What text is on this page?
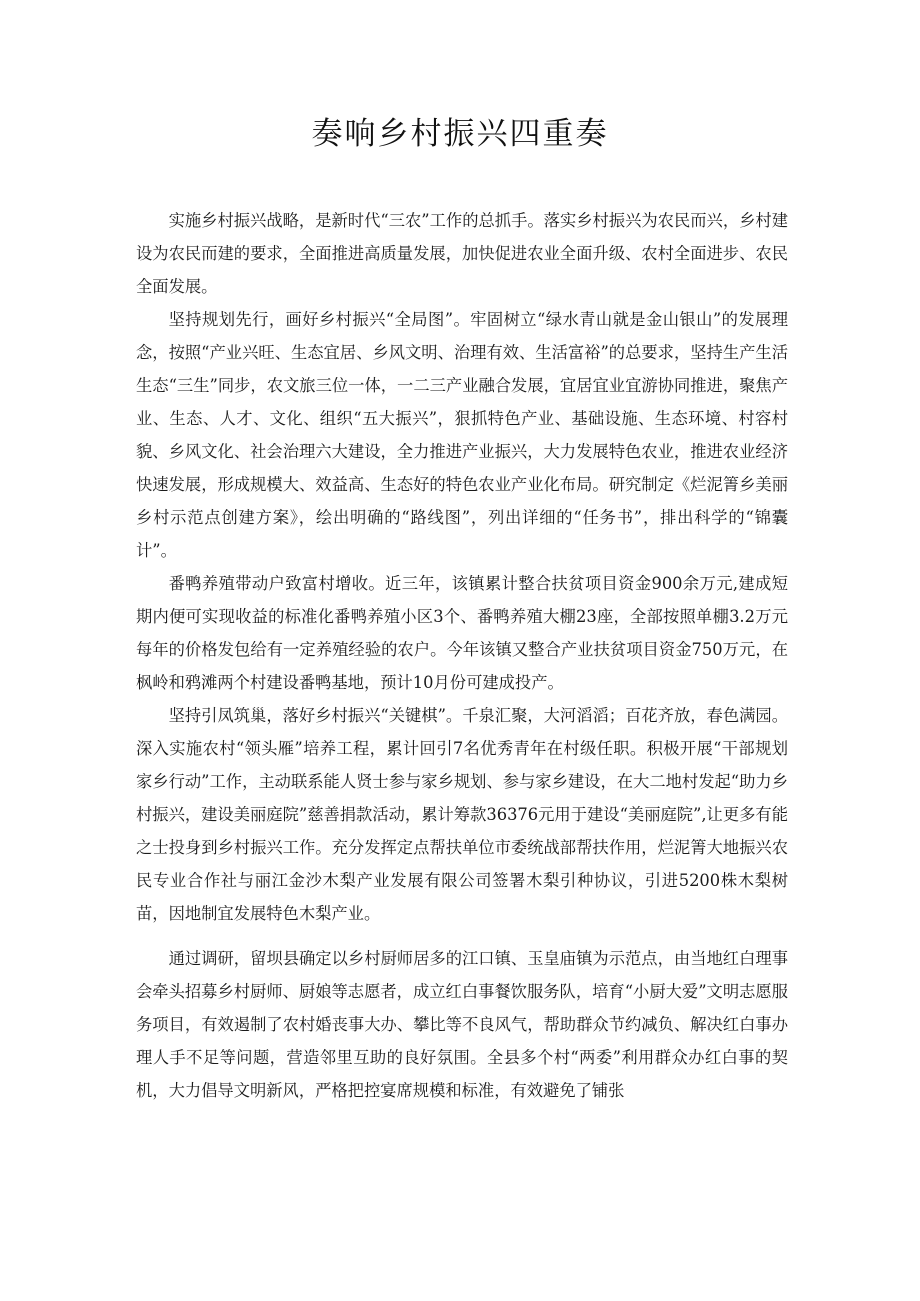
奏响乡村振兴四重奏

实施乡村振兴战略，是新时代“三农”工作的总抓手。落实乡村振兴为农民而兴，乡村建设为农民而建的要求，全面推进高质量发展，加快促进农业全面升级、农村全面进步、农民全面发展。

坚持规划先行，画好乡村振兴“全局图”。牢固树立“绿水青山就是金山银山”的发展理念，按照“产业兴旺、生态宜居、乡风文明、治理有效、生活富裕”的总要求，坚持生产生活生态“三生”同步，农文旅三位一体，一二三产业融合发展，宜居宜业宜游协同推进，聚焦产业、生态、人才、文化、组织“五大振兴”，狠抓特色产业、基础设施、生态环境、村容村貌、乡风文化、社会治理六大建设，全力推进产业振兴，大力发展特色农业，推进农业经济快速发展，形成规模大、效益高、生态好的特色农业产业化布局。研究制定《烂泥箐乡美丽乡村示范点创建方案》，绘出明确的“路线图”，列出详细的“任务书”，排出科学的“锦囊计”。

番鸭养殖带动户致富村增收。近三年，该镇累计整合扶贫项目资金900余万元,建成短期内便可实现收益的标准化番鸭养殖小区3个、番鸭养殖大棚23座，全部按照单棚3.2万元每年的价格发包给有一定养殖经验的农户。今年该镇又整合产业扶贫项目资金750万元，在枫岭和鸦滩两个村建设番鸭基地，预计10月份可建成投产。

坚持引凤筑巢，落好乡村振兴“关键棋”。千泉汇聚，大河滔滔；百花齐放，春色满园。深入实施农村“领头雁”培养工程，累计回引7名优秀青年在村级任职。积极开展“干部规划家乡行动”工作，主动联系能人贤士参与家乡规划、参与家乡建设，在大二地村发起“助力乡村振兴，建设美丽庭院”慈善捐款活动，累计筹款36376元用于建设“美丽庭院”,让更多有能之士投身到乡村振兴工作。充分发挥定点帮扶单位市委统战部帮扶作用，烂泥箐大地振兴农民专业合作社与丽江金沙木梨产业发展有限公司签署木梨引种协议，引进5200株木梨树苗，因地制宜发展特色木梨产业。

通过调研，留坝县确定以乡村厨师居多的江口镇、玉皇庙镇为示范点，由当地红白理事会牵头招募乡村厨师、厨娘等志愿者，成立红白事餐饮服务队，培育“小厨大爱”文明志愿服务项目，有效遏制了农村婚丧事大办、攀比等不良风气，帮助群众节约减负、解决红白事办理人手不足等问题，营造邻里互助的良好氛围。全县多个村“两委”利用群众办红白事的契机，大力倡导文明新风，严格把控宴席规模和标准，有效避免了铺张
